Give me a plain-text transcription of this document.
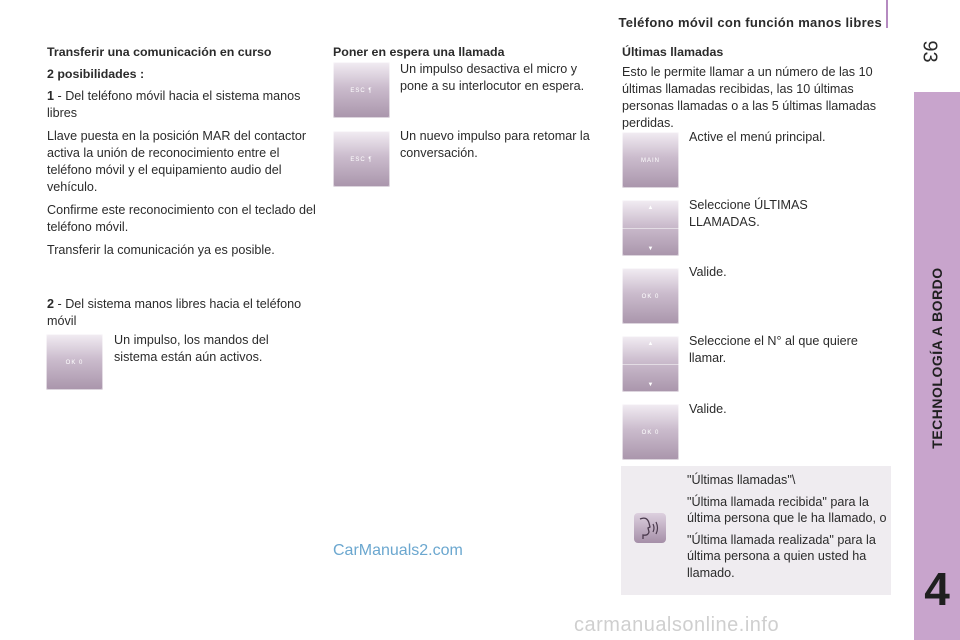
Teléfono móvil con función manos libres
93
TECHNOLOGÍA A BORDO
4
Transferir una comunicación en curso
2 posibilidades :
1 - Del teléfono móvil hacia el sistema manos libres
Llave puesta en la posición MAR del contactor activa la unión de reconocimiento entre el teléfono móvil y el equipamiento audio del vehículo.
Confirme este reconocimiento con el teclado del teléfono móvil.
Transferir la comunicación ya es posible.
2 - Del sistema manos libres hacia el teléfono móvil
OK 0
Un impulso, los mandos del sistema están aún activos.
Poner en espera una llamada
ESC ¶
Un impulso desactiva el micro y pone a su interlocutor en espera.
ESC ¶
Un nuevo impulso para retomar la conversación.
Últimas llamadas
Esto le permite llamar a un número de las 10 últimas llamadas recibidas, las 10 últimas personas llamadas o a las 5 últimas llamadas perdidas.
MAIN
Active el menú principal.
▲
▼
Seleccione ÚLTIMAS LLAMADAS.
OK 0
Valide.
▲
▼
Seleccione el N° al que quiere llamar.
OK 0
Valide.
"Últimas llamadas"\
"Última llamada recibida" para la última persona que le ha llamado, o
"Última llamada realizada" para la última persona a quien usted ha llamado.
CarManuals2.com
carmanualsonline.info
